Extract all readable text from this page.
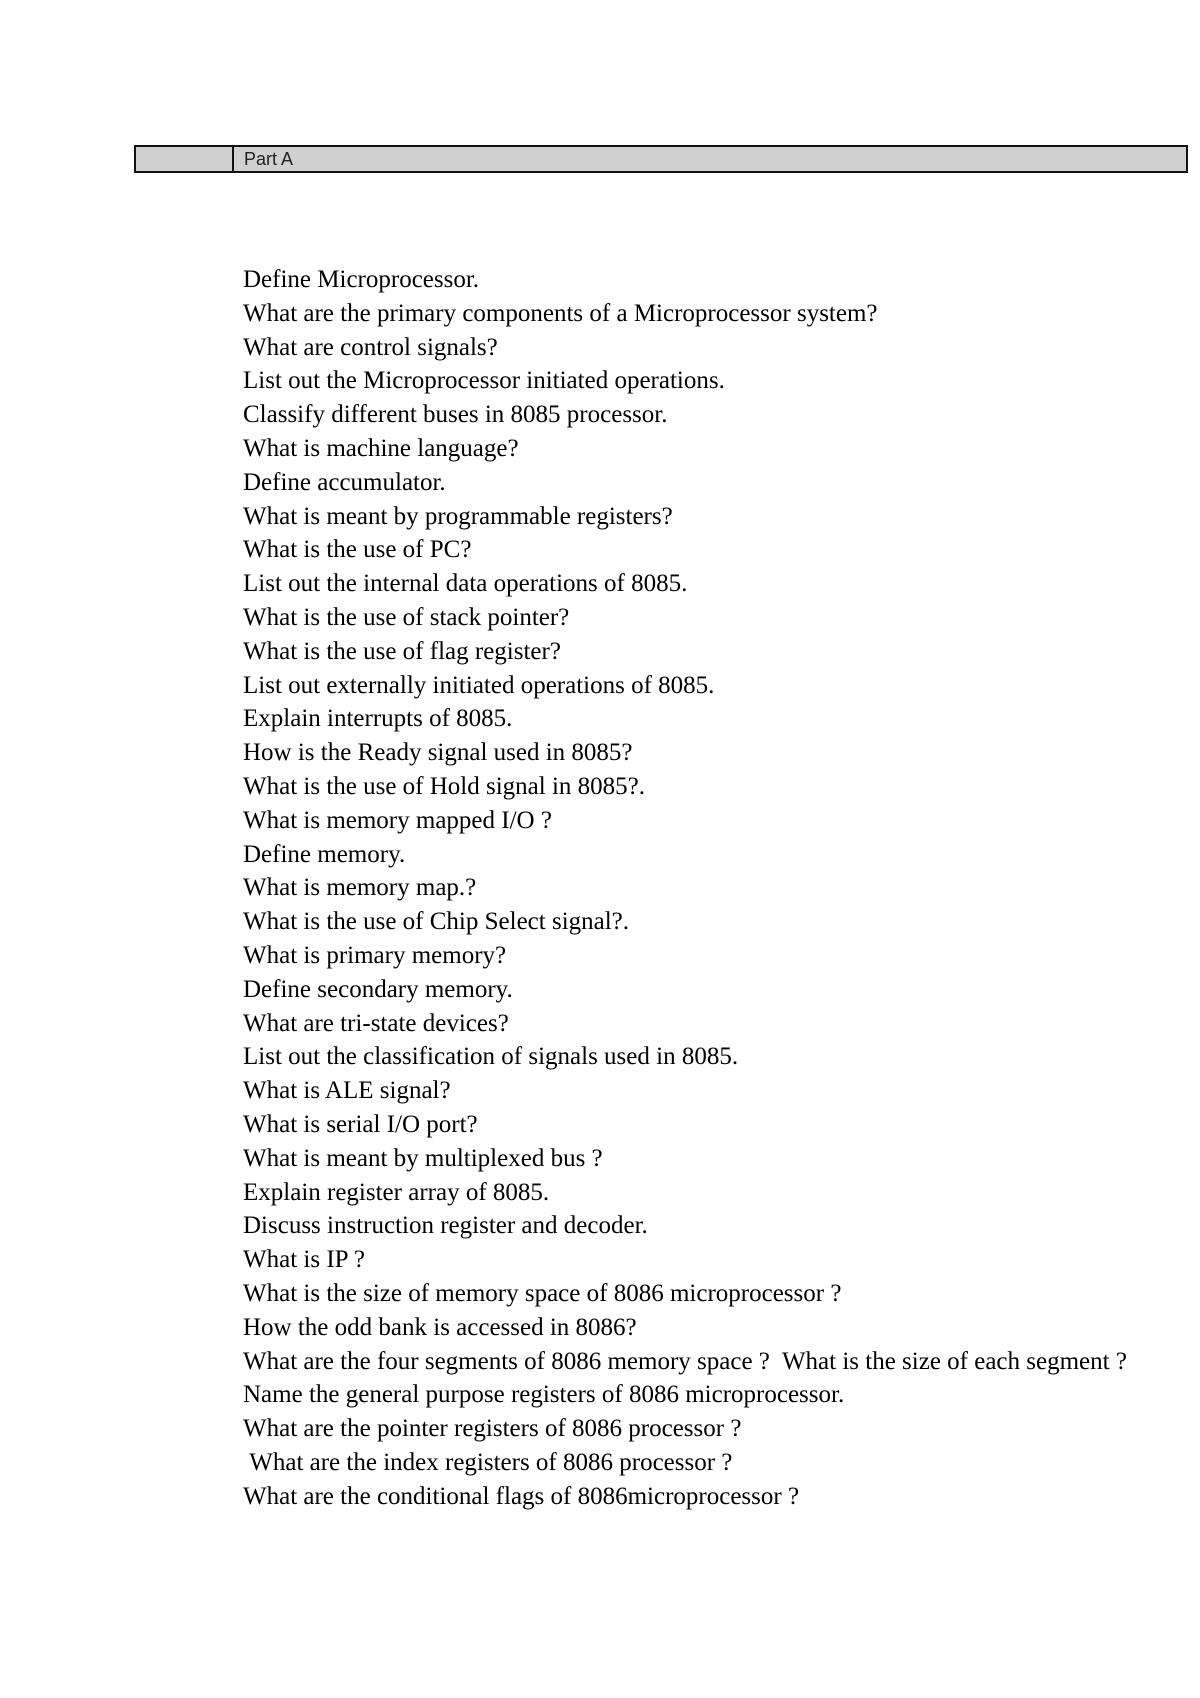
Part A
Define Microprocessor.
What are the primary components of a Microprocessor system?
What are control signals?
List out the Microprocessor initiated operations.
Classify different buses in 8085 processor.
What is machine language?
Define accumulator.
What is meant by programmable registers?
What is the use of PC?
List out the internal data operations of 8085.
What is the use of stack pointer?
What is the use of flag register?
List out externally initiated operations of 8085.
Explain interrupts of 8085.
How is the Ready signal used in 8085?
What is the use of Hold signal in 8085?.
What is memory mapped I/O ?
Define memory.
What is memory map.?
What is the use of Chip Select signal?.
What is primary memory?
Define secondary memory.
What are tri-state devices?
List out the classification of signals used in 8085.
What is ALE signal?
What is serial I/O port?
What is meant by multiplexed bus ?
Explain register array of 8085.
Discuss instruction register and decoder.
What is IP ?
What is the size of memory space of 8086 microprocessor ?
How the odd bank is accessed in 8086?
What are the four segments of 8086 memory space ?  What is the size of each segment ?
Name the general purpose registers of 8086 microprocessor.
What are the pointer registers of 8086 processor ?
What are the index registers of 8086 processor ?
What are the conditional flags of 8086microprocessor ?
